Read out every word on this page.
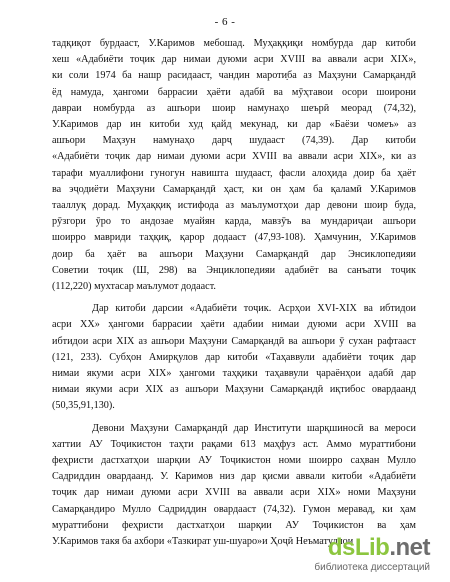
- 6 -
тадқиқот бурдааст, У.Каримов мебошад. Муҳаққиқи номбурда дар китоби
хеш «Адабиёти тоҷик дар нимаи дуюми асри XVIII ва аввали асри XIX»,
ки соли 1974 ба нашр расидааст, чандин мароти̣ба аз Маҳзуни Самарқандӣ
ёд намуда, ҳангоми баррасии ҳаёти адабӣ ва мӯҳтавои осори шоирони
давраи номбурда аз ашъори шоир намунаҳо шеърӣ меорад (74,32),
У.Каримов дар ин китоби худ қайд мекунад, ки дар «Баёзи чомеъ» аз
ашъори Маҳзун намунаҳо дарҷ шудааст (74,39). Дар китоби
«Адабиёти тоҷик дар нимаи дуюми асри XVIII ва аввали асри XIX», ки аз
тарафи муаллифони гуногун навишта шудааст, фасли алоҳида доир ба ҳаёт
ва эҷодиёти Маҳзуни Самарқандӣ ҳаст, ки он ҳам ба қаламӣ У.Каримов
тааллуқ дорад. Муҳаққиқ истифода аз маълумотҳои дар девони шоир буда,
рӯзгори ӯро то андозае муайян карда, мавзӯъ ва мундариҷаи ашъори
шоирро мавриди таҳқиқ, қарор додааст (47,93-108). Ҳамчунин, У.Каримов
доир ба ҳаёт ва ашъори Маҳзуни Самарқандӣ дар Энсиклопедияи
Советии тоҷик (Ш, 298) ва Энциклопедияи адабиёт ва санъати тоҷик
(112,220) мухтасар маълумот додааст.
Дар китоби дарсии «Адабиёти тоҷик. Асрҳои XVI-XIX ва ибтидои
асри XX» ҳангоми баррасии ҳаёти адабии нимаи дуюми асри XVIII ва
ибтидои асри XIX аз ашъори Маҳзуни Самарқандӣ ва ашъори ӯ сухан рафтааст
(121, 233). Субҳон Амирқулов дар китоби «Таҳаввули адабиёти тоҷик дар
нимаи якуми асри XIX» ҳангоми таҳқики таҳаввули ҷараёнҳои адабӣ дар
нимаи якуми асри XIX аз ашъори Маҳзуни Самарқандӣ иқтибос овардаанд
(50,35,91,130).
Девони Маҳзуни Самарқандӣ дар Институти шарқшиносӣ ва мероси
хаттии АУ Тоҷикистон таҳти рақами 613 маҳфуз аст. Аммо мураттибони
феҳристи дастхатҳои шарқии АУ Тоҷикистон номи шоирро саҳван Мулло
Садриддин овардаанд. У. Каримов низ дар қисми аввали китоби «Адабиёти
тоҷик дар нимаи дуюми асри XVIII ва аввали асри XIX» номи Маҳзуни
Самарқандиро Мулло Садриддин овардааст (74,32). Гумон меравад, ки ҳам
мураттибони феҳристи дастхатҳои шарқии АУ Тоҷикистон ва ҳам
У.Каримов такя ба ахбори «Тазкират уш-шуаро»и Ҳоҷӣ Неъматуллои
dsLib.net
библиотека диссертаций
